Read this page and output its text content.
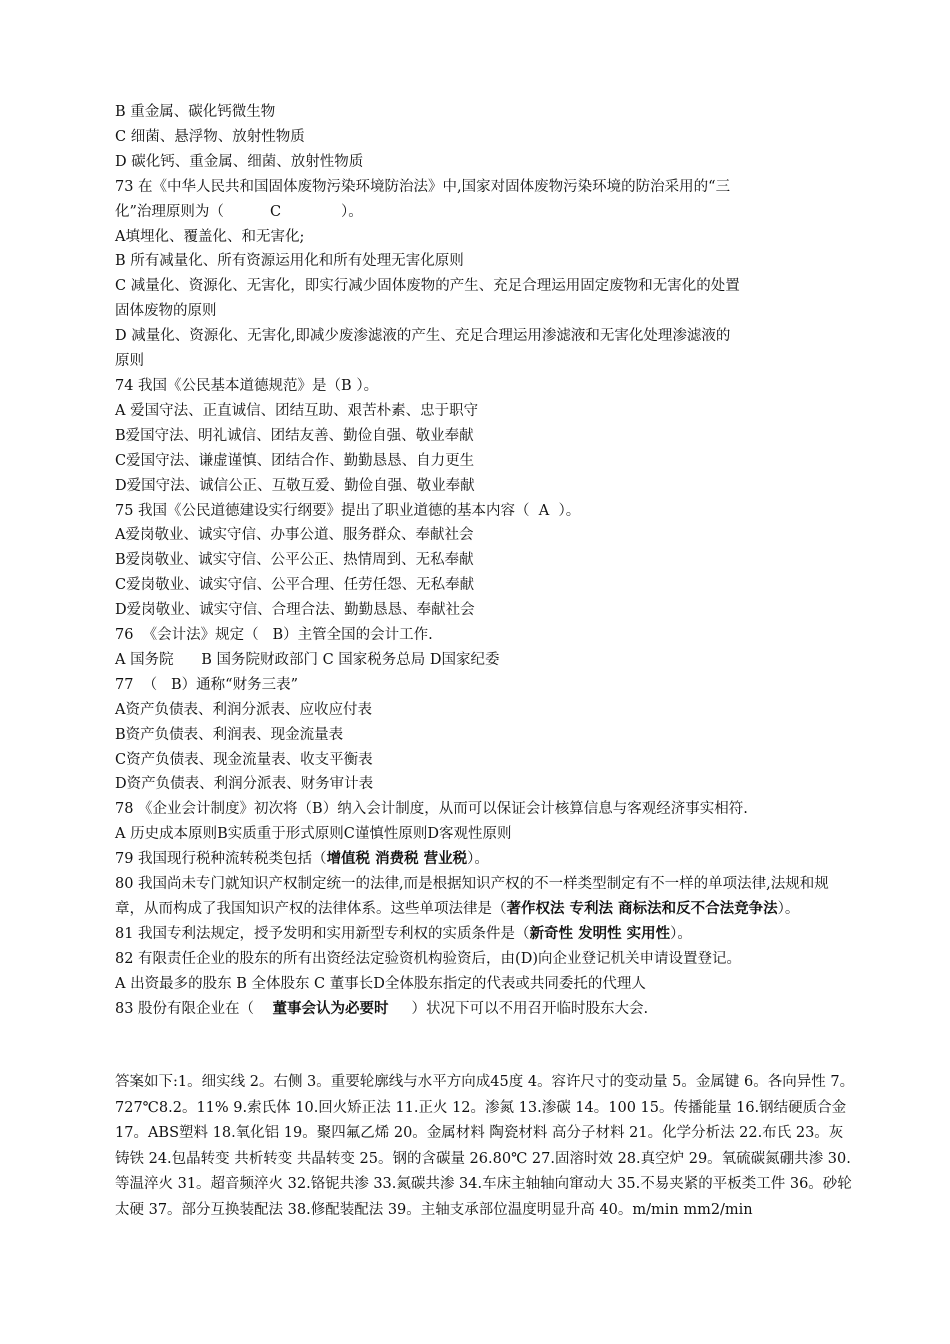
B 重金属、碳化钙微生物
C 细菌、悬浮物、放射性物质
D 碳化钙、重金属、细菌、放射性物质
73 在《中华人民共和国固体废物污染环境防治法》中,国家对固体废物污染环境的防治采用的“三
化”治理原则为（          C             ）。
A填埋化、覆盖化、和无害化;
B 所有减量化、所有资源运用化和所有处理无害化原则
C 减量化、资源化、无害化，即实行减少固体废物的产生、充足合理运用固定废物和无害化的处置
固体废物的原则
D 减量化、资源化、无害化,即减少废渗滤液的产生、充足合理运用渗滤液和无害化处理渗滤液的
原则
74 我国《公民基本道德规范》是（B ）。
A 爱国守法、正直诚信、团结互助、艰苦朴素、忠于职守
B爱国守法、明礼诚信、团结友善、勤俭自强、敬业奉献
C爱国守法、谦虚谨慎、团结合作、勤勤恳恳、自力更生
D爱国守法、诚信公正、互敬互爱、勤俭自强、敬业奉献
75 我国《公民道德建设实行纲要》提出了职业道德的基本内容（  A  ）。
A爱岗敬业、诚实守信、办事公道、服务群众、奉献社会
B爱岗敬业、诚实守信、公平公正、热情周到、无私奉献
C爱岗敬业、诚实守信、公平合理、任劳任怨、无私奉献
D爱岗敬业、诚实守信、合理合法、勤勤恳恳、奉献社会
76  《会计法》规定（   B）主管全国的会计工作.
A 国务院      B 国务院财政部门 C 国家税务总局 D国家纪委
77  （   B）通称“财务三表”
A资产负债表、利润分派表、应收应付表
B资产负债表、利润表、现金流量表
C资产负债表、现金流量表、收支平衡表
D资产负债表、利润分派表、财务审计表
78 《企业会计制度》初次将（B）纳入会计制度，从而可以保证会计核算信息与客观经济事实相符.
A 历史成本原则B实质重于形式原则C谨慎性原则D客观性原则
79 我国现行税种流转税类包括（增值税 消费税 营业税）。
80 我国尚未专门就知识产权制定统一的法律,而是根据知识产权的不一样类型制定有不一样的单项法律,法规和规章，从而构成了我国知识产权的法律体系。这些单项法律是（著作权法 专利法 商标法和反不合法竞争法）。
81 我国专利法规定，授予发明和实用新型专利权的实质条件是（新奇性 发明性 实用性）。
82 有限责任企业的股东的所有出资经法定验资机构验资后，由(D)向企业登记机关申请设置登记。
A 出资最多的股东 B 全体股东 C 董事长D全体股东指定的代表或共同委托的代理人
83 股份有限企业在（    董事会认为必要时     ）状况下可以不用召开临时股东大会.
答案如下:1。细实线 2。右侧 3。重要轮廓线与水平方向成45度 4。容许尺寸的变动量 5。金属键 6。各向异性 7。727℃8.2。11% 9.索氏体 10.回火矫正法 11.正火 12。渗氮 13.渗碳 14。100 15。传播能量 16.钢结硬质合金 17。ABS塑料 18.氧化铝 19。聚四氟乙烯 20。金属材料 陶瓷材料 高分子材料 21。化学分析法 22.布氏 23。灰铸铁 24.包晶转变 共析转变 共晶转变 25。钢的含碳量 26.80℃ 27.固溶时效 28.真空炉 29。氧硫碳氮硼共渗 30.等温淬火 31。超音频淬火 32.铬铌共渗 33.氮碳共渗 34.车床主轴轴向窜动大 35.不易夹紧的平板类工件 36。砂轮太硬 37。部分互换装配法 38.修配装配法 39。主轴支承部位温度明显升高 40。m/min mm2/min
